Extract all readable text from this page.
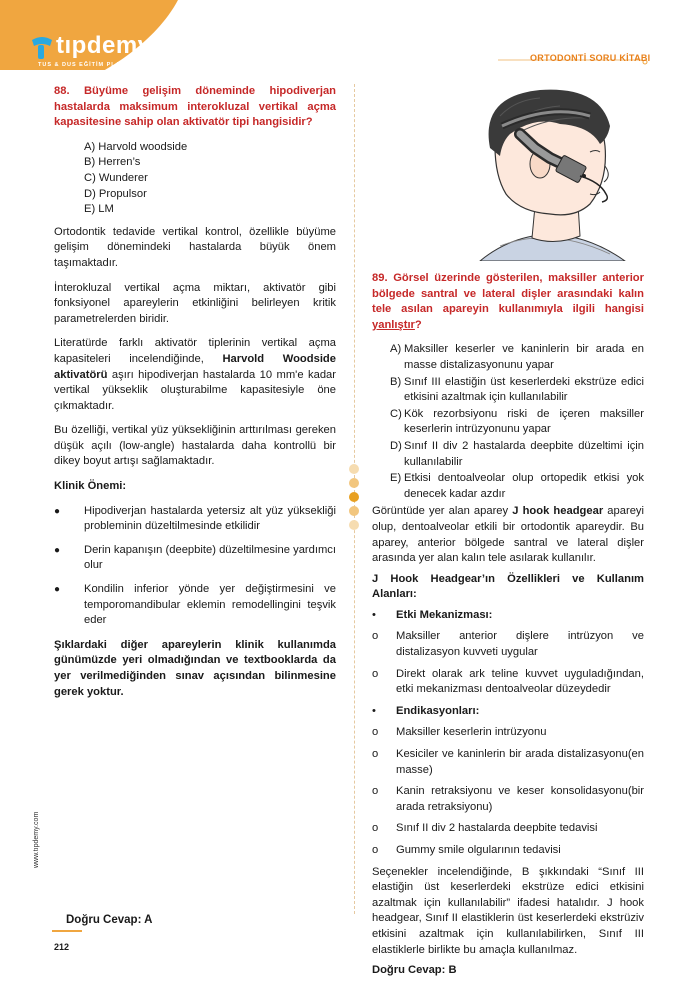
tıpdemy
TUS & DUS EĞİTİM PLATFORMU
ORTODONTİ SORU KİTABI
88. Büyüme gelişim döneminde hipodiverjan hastalarda maksimum interokluzal vertikal açma kapasitesine sahip olan aktivatör tipi hangisidir?
A) Harvold woodside
B) Herren’s
C) Wunderer
D) Propulsor
E) LM

Ortodontik tedavide vertikal kontrol, özellikle büyüme gelişim dönemindeki hastalarda büyük önem taşımaktadır.

İnterokluzal vertikal açma miktarı, aktivatör gibi fonksiyonel apareylerin etkinliğini belirleyen kritik parametrelerden biridir.

Literatürde farklı aktivatör tiplerinin vertikal açma kapasiteleri incelendiğinde, Harvold Woodside aktivatörü aşırı hipodiverjan hastalarda 10 mm'e kadar vertikal yükseklik oluşturabilme kapasitesiyle öne çıkmaktadır.

Bu özelliği, vertikal yüz yüksekliğinin arttırılması gereken düşük açılı (low-angle) hastalarda daha kontrollü bir dikey boyut artışı sağlamaktadır.

Klinik Önemi:

●	Hipodiverjan hastalarda yetersiz alt yüz yüksekliği probleminin düzeltilmesinde etkilidir
●	Derin kapanışın (deepbite) düzeltilmesine yardımcı olur
●	Kondilin inferior yönde yer değiştirmesini ve temporomandibular eklemin remodellingini teşvik eder

Şıklardaki diğer apareylerin klinik kullanımda günümüzde yeri olmadığından ve textbooklarda da yer verilmediğinden sınav açısından bilinmesine gerek yoktur.

Doğru Cevap: A
www.tıpdemy.com
212
89. Görsel üzerinde gösterilen, maksiller anterior bölgede santral ve lateral dişler arasındaki kalın tele asılan apareyin kullanımıyla ilgili hangisi yanlıştır?
A) Maksiller keserler ve kaninlerin bir arada en masse distalizasyonunu yapar
B) Sınıf III elastiğin üst keserlerdeki ekstrüze edici etkisini azaltmak için kullanılabilir
C) Kök rezorbsiyonu riski de içeren maksiller keserlerin intrüzyonunu yapar
D) Sınıf II div 2 hastalarda deepbite düzeltimi için kullanılabilir
E) Etkisi dentoalveolar olup ortopedik etkisi yok denecek kadar azdır

Görüntüde yer alan aparey J hook headgear apareyi olup, dentoalveolar etkili bir ortodontik apareydir. Bu aparey, anterior bölgede santral ve lateral dişler arasında yer alan kalın tele asılarak kullanılır.

J Hook Headgear’ın Özellikleri ve Kullanım Alanları:

•	Etki Mekanizması:
o	Maksiller anterior dişlere intrüzyon ve distalizasyon kuvveti uygular
o	Direkt olarak ark teline kuvvet uyguladığından, etki mekanizması dentoalveolar düzeydedir
•	Endikasyonları:
o	Maksiller keserlerin intrüzyonu
o	Kesiciler ve kaninlerin bir arada distalizasyonu(en masse)
o	Kanin retraksiyonu ve keser konsolidasyonu(bir arada retraksiyonu)
o	Sınıf II div 2 hastalarda deepbite tedavisi
o	Gummy smile olgularının tedavisi

Seçenekler incelendiğinde, B şıkkındaki “Sınıf III elastiğin üst keserlerdeki ekstrüze edici etkisini azaltmak için kullanılabilir” ifadesi hatalıdır. J hook headgear, Sınıf II elastiklerin üst keserlerdeki ekstrüziv etkisini azaltmak için kullanılabilirken, Sınıf III elastiklerle birlikte bu amaçla kullanılmaz.

Doğru Cevap: B
